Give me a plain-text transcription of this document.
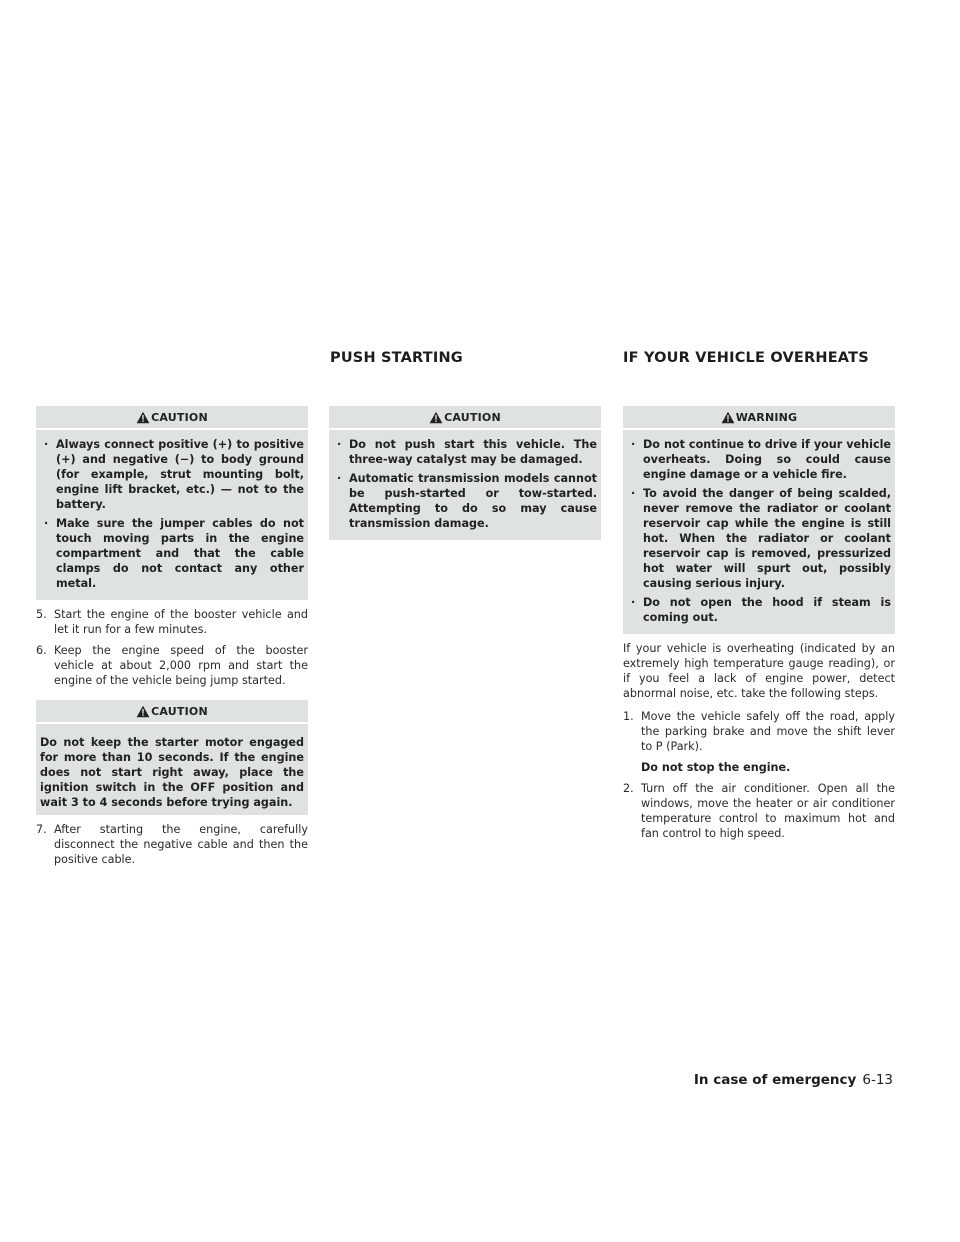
PUSH STARTING	IF YOUR VEHICLE OVERHEATS
CAUTION
· Always connect positive (+) to positive (+) and negative (−) to body ground (for example, strut mounting bolt, engine lift bracket, etc.) — not to the battery.
· Make sure the jumper cables do not touch moving parts in the engine compartment and that the cable clamps do not contact any other metal.
5. Start the engine of the booster vehicle and let it run for a few minutes.
6. Keep the engine speed of the booster vehicle at about 2,000 rpm and start the engine of the vehicle being jump started.
CAUTION

Do not keep the starter motor engaged for more than 10 seconds. If the engine does not start right away, place the ignition switch in the OFF position and wait 3 to 4 seconds before trying again.

7. After starting the engine, carefully disconnect the negative cable and then the positive cable.
CAUTION
· Do not push start this vehicle. The three-way catalyst may be damaged.
· Automatic transmission models cannot be push-started or tow-started. Attempting to do so may cause transmission damage.
WARNING
· Do not continue to drive if your vehicle overheats. Doing so could cause engine damage or a vehicle fire.
· To avoid the danger of being scalded, never remove the radiator or coolant reservoir cap while the engine is still hot. When the radiator or coolant reservoir cap is removed, pressurized hot water will spurt out, possibly causing serious injury.
· Do not open the hood if steam is coming out.

If your vehicle is overheating (indicated by an extremely high temperature gauge reading), or if you feel a lack of engine power, detect abnormal noise, etc. take the following steps.

1. Move the vehicle safely off the road, apply the parking brake and move the shift lever to P (Park).

Do not stop the engine.

2. Turn off the air conditioner. Open all the windows, move the heater or air conditioner temperature control to maximum hot and fan control to high speed.
In case of emergency 6-13
